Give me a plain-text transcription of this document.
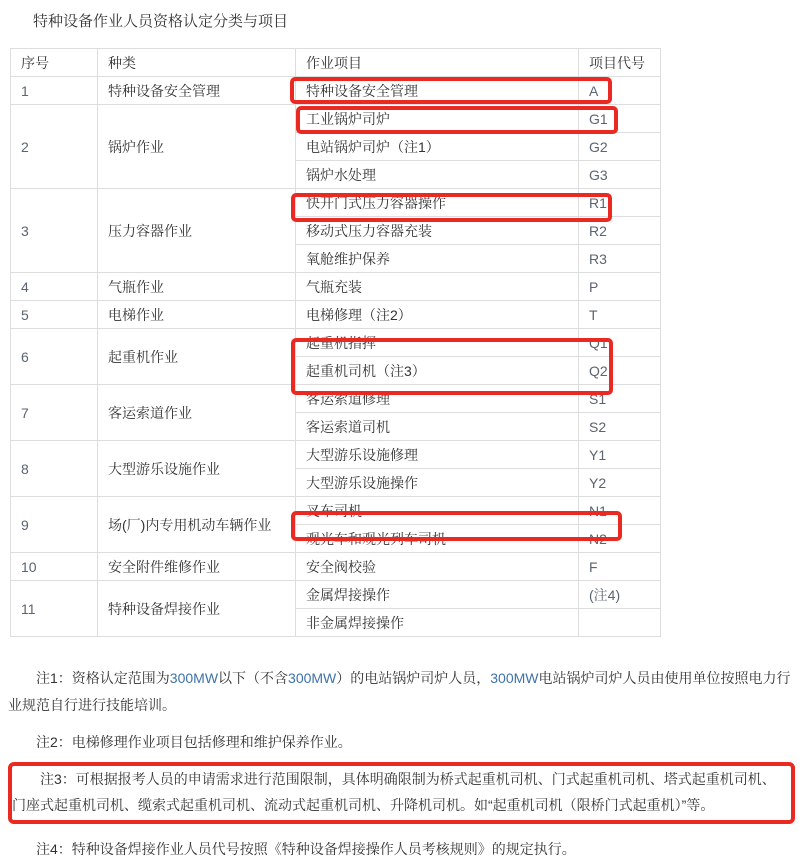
特种设备作业人员资格认定分类与项目
序号	种类	作业项目	项目代号
1	特种设备安全管理	特种设备安全管理	A
2	锅炉作业	工业锅炉司炉	G1
		电站锅炉司炉（注1）	G2
		锅炉水处理	G3
3	压力容器作业	快开门式压力容器操作	R1
		移动式压力容器充装	R2
		氧舱维护保养	R3
4	气瓶作业	气瓶充装	P
5	电梯作业	电梯修理（注2）	T
6	起重机作业	起重机指挥	Q1
		起重机司机（注3）	Q2
7	客运索道作业	客运索道修理	S1
		客运索道司机	S2
8	大型游乐设施作业	大型游乐设施修理	Y1
		大型游乐设施操作	Y2
9	场(厂)内专用机动车辆作业	叉车司机	N1
		观光车和观光列车司机	N2
10	安全附件维修作业	安全阀校验	F
11	特种设备焊接作业	金属焊接操作	(注4)
		非金属焊接操作	

注1：资格认定范围为300MW以下（不含300MW）的电站锅炉司炉人员，300MW电站锅炉司炉人员由使用单位按照电力行业规范自行进行技能培训。

注2：电梯修理作业项目包括修理和维护保养作业。

注3：可根据报考人员的申请需求进行范围限制，具体明确限制为桥式起重机司机、门式起重机司机、塔式起重机司机、门座式起重机司机、缆索式起重机司机、流动式起重机司机、升降机司机。如“起重机司机（限桥门式起重机）”等。

注4：特种设备焊接作业人员代号按照《特种设备焊接操作人员考核规则》的规定执行。
